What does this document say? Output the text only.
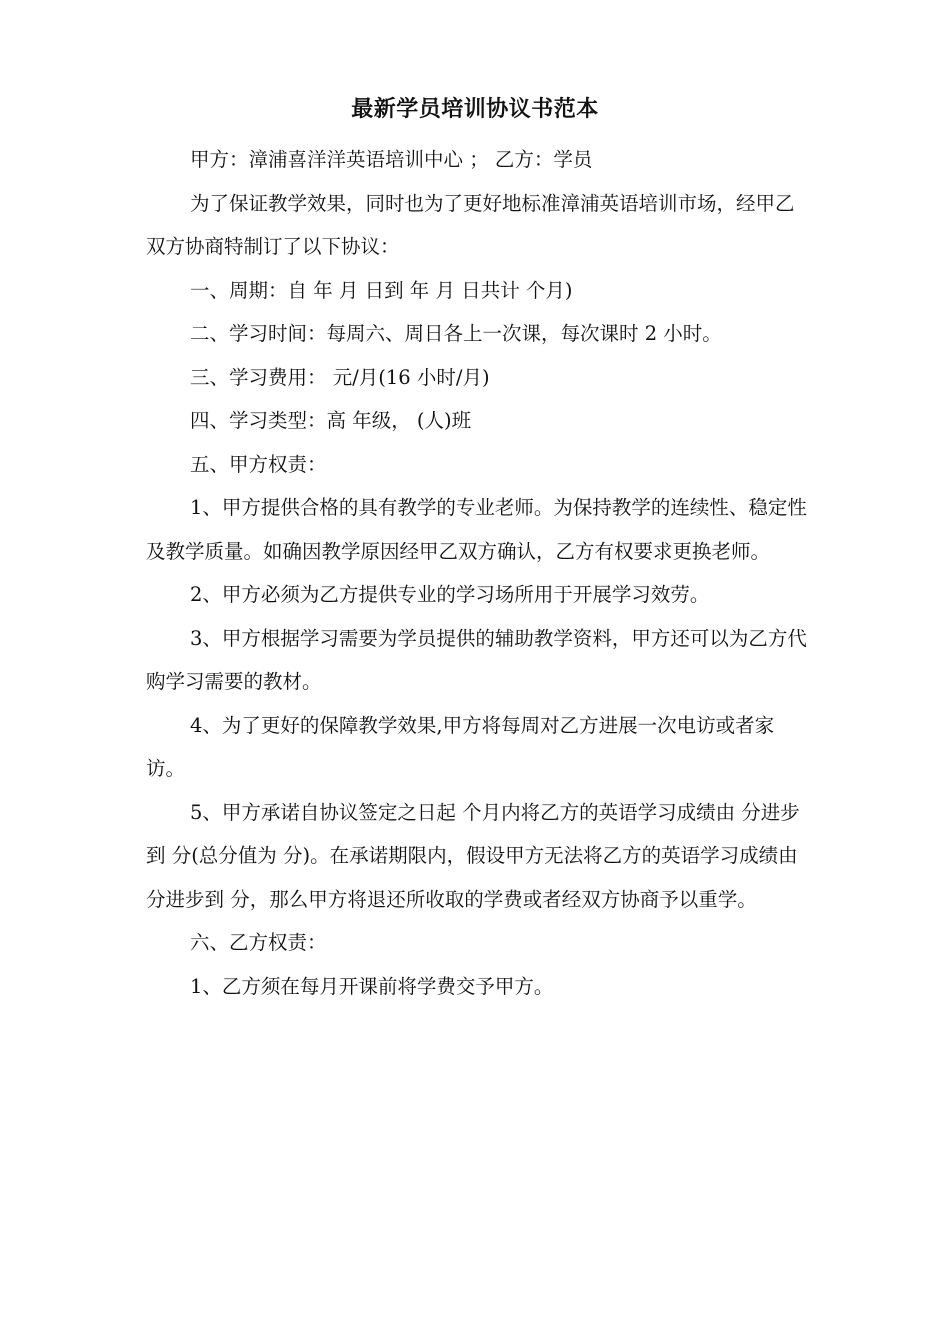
最新学员培训协议书范本

甲方：漳浦喜洋洋英语培训中心 ； 乙方：学员

为了保证教学效果，同时也为了更好地标准漳浦英语培训市场，经甲乙双方协商特制订了以下协议：

一、周期：自 年 月 日到 年 月 日共计 个月)

二、学习时间：每周六、周日各上一次课，每次课时 2 小时。

三、学习费用： 元/月(16 小时/月)

四、学习类型：高 年级， (人)班

五、甲方权责：

1、甲方提供合格的具有教学的专业老师。为保持教学的连续性、稳定性及教学质量。如确因教学原因经甲乙双方确认，乙方有权要求更换老师。

2、甲方必须为乙方提供专业的学习场所用于开展学习效劳。

3、甲方根据学习需要为学员提供的辅助教学资料，甲方还可以为乙方代购学习需要的教材。

4、为了更好的保障教学效果,甲方将每周对乙方进展一次电访或者家访。

5、甲方承诺自协议签定之日起 个月内将乙方的英语学习成绩由 分进步到 分(总分值为 分)。在承诺期限内，假设甲方无法将乙方的英语学习成绩由 分进步到 分，那么甲方将退还所收取的学费或者经双方协商予以重学。

六、乙方权责：

1、乙方须在每月开课前将学费交予甲方。
